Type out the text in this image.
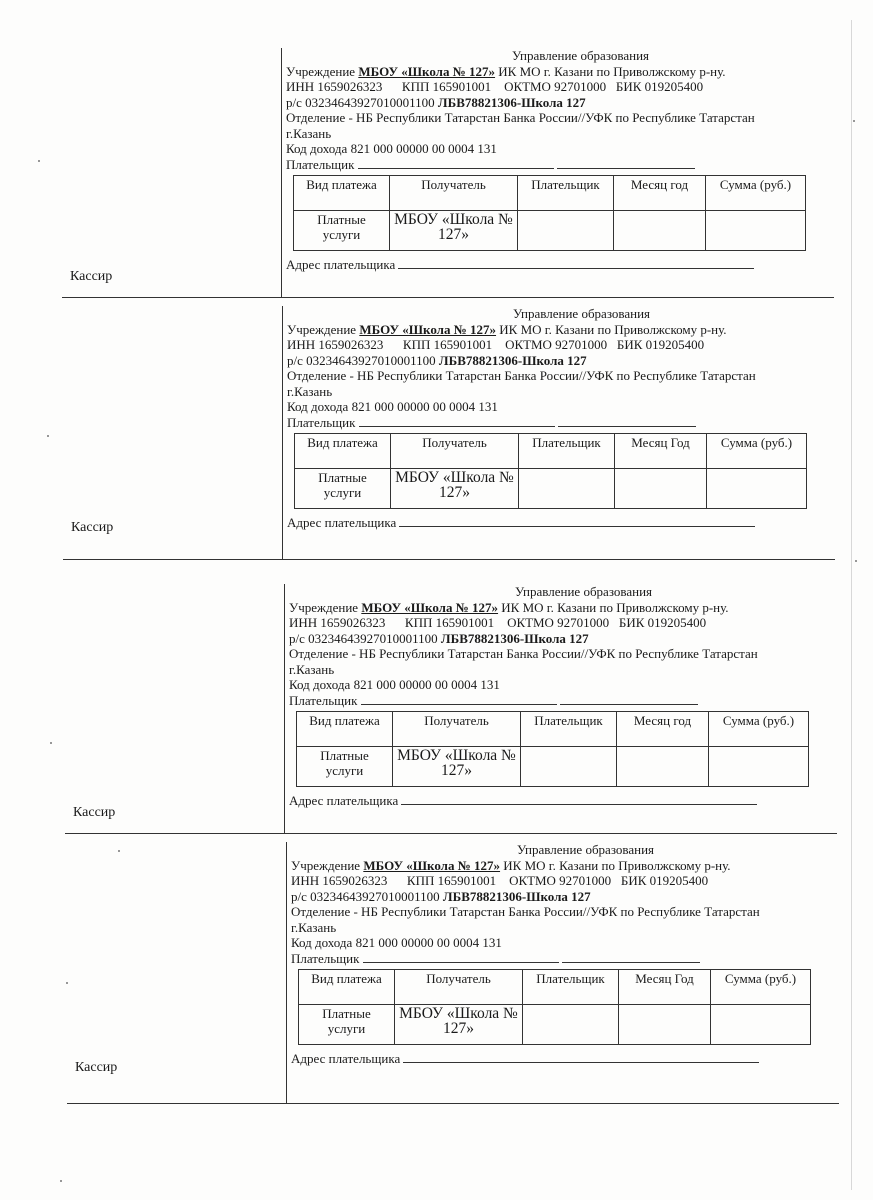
Кассир
Управление образования
Учреждение МБОУ «Школа № 127» ИК МО г. Казани по Приволжскому р-ну.
ИНН 1659026323 КПП 165901001 ОКТМО 92701000 БИК 019205400
р/с 03234643927010001100 ЛБВ78821306-Школа 127
Отделение - НБ Республики Татарстан Банка России//УФК по Республике Татарстан
г.Казань
Код дохода 821 000 00000 00 0004 131
Плательщик
Вид платежа	Получатель	Плательщик	Месяц год	Сумма (руб.)
Платные услуги	МБОУ «Школа № 127»			
Адрес плательщика
Кассир
Управление образования
Учреждение МБОУ «Школа № 127» ИК МО г. Казани по Приволжскому р-ну.
ИНН 1659026323 КПП 165901001 ОКТМО 92701000 БИК 019205400
р/с 03234643927010001100 ЛБВ78821306-Школа 127
Отделение - НБ Республики Татарстан Банка России//УФК по Республике Татарстан
г.Казань
Код дохода 821 000 00000 00 0004 131
Плательщик
Вид платежа	Получатель	Плательщик	Месяц Год	Сумма (руб.)
Платные услуги	МБОУ «Школа № 127»			
Адрес плательщика
Кассир
Управление образования
Учреждение МБОУ «Школа № 127» ИК МО г. Казани по Приволжскому р-ну.
ИНН 1659026323 КПП 165901001 ОКТМО 92701000 БИК 019205400
р/с 03234643927010001100 ЛБВ78821306-Школа 127
Отделение - НБ Республики Татарстан Банка России//УФК по Республике Татарстан
г.Казань
Код дохода 821 000 00000 00 0004 131
Плательщик
Вид платежа	Получатель	Плательщик	Месяц год	Сумма (руб.)
Платные услуги	МБОУ «Школа № 127»			
Адрес плательщика
Кассир
Управление образования
Учреждение МБОУ «Школа № 127» ИК МО г. Казани по Приволжскому р-ну.
ИНН 1659026323 КПП 165901001 ОКТМО 92701000 БИК 019205400
р/с 03234643927010001100 ЛБВ78821306-Школа 127
Отделение - НБ Республики Татарстан Банка России//УФК по Республике Татарстан
г.Казань
Код дохода 821 000 00000 00 0004 131
Плательщик
Вид платежа	Получатель	Плательщик	Месяц Год	Сумма (руб.)
Платные услуги	МБОУ «Школа № 127»			
Адрес плательщика
